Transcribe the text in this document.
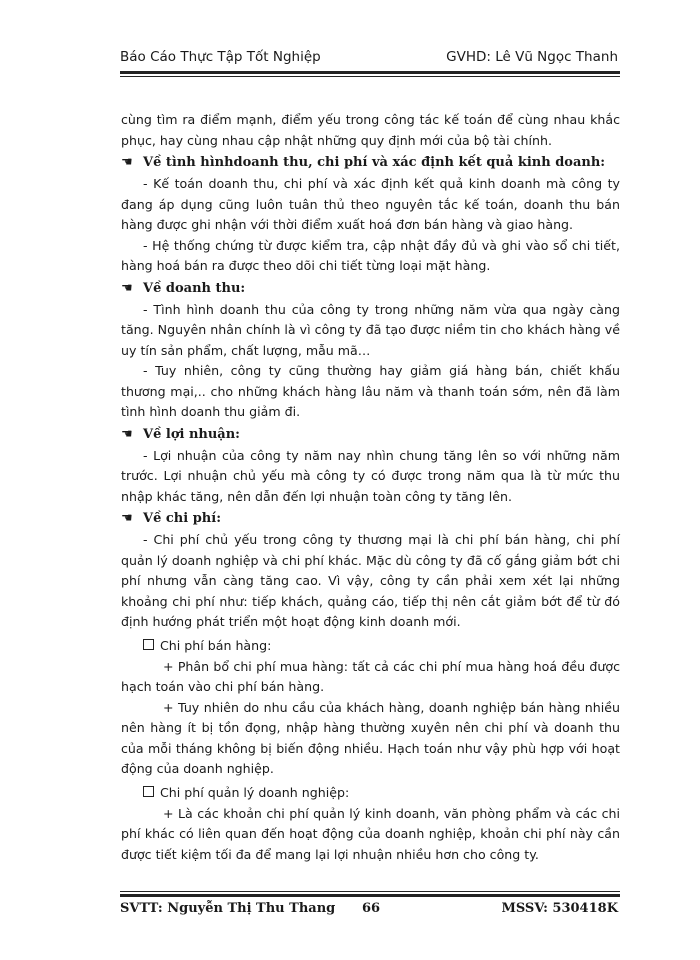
Báo Cáo Thực Tập Tốt Nghiệp	GVHD: Lê Vũ Ngọc Thanh

cùng tìm ra điểm mạnh, điểm yếu trong công tác kế toán để cùng nhau khắc phục, hay cùng nhau cập nhật những quy định mới của bộ tài chính.

☚ Về tình hìnhdoanh thu, chi phí và xác định kết quả kinh doanh:

- Kế toán doanh thu, chi phí và xác định kết quả kinh doanh mà công ty đang áp dụng cũng luôn tuân thủ theo nguyên tắc kế toán, doanh thu bán hàng được ghi nhận với thời điểm xuất hoá đơn bán hàng và giao hàng.

- Hệ thống chứng từ được kiểm tra, cập nhật đầy đủ và ghi vào sổ chi tiết, hàng hoá bán ra được theo dõi chi tiết từng loại mặt hàng.

☚ Về doanh thu:

- Tình hình doanh thu của công ty trong những năm vừa qua ngày càng tăng. Nguyên nhân chính là vì công ty đã tạo được niềm tin cho khách hàng về uy tín sản phẩm, chất lượng, mẫu mã…

- Tuy nhiên, công ty cũng thường hay giảm giá hàng bán, chiết khấu thương mại,.. cho những khách hàng lâu năm và thanh toán sớm, nên đã làm tình hình doanh thu giảm đi.

☚ Về lợi nhuận:

- Lợi nhuận của công ty năm nay nhìn chung tăng lên so với những năm trước. Lợi nhuận chủ yếu mà công ty có được trong năm qua là từ mức thu nhập khác tăng, nên dẫn đến lợi nhuận toàn công ty tăng lên.

☚ Về chi phí:

- Chi phí chủ yếu trong công ty thương mại là chi phí bán hàng, chi phí quản lý doanh nghiệp và chi phí khác. Mặc dù công ty đã cố gắng giảm bớt chi phí nhưng vẫn càng tăng cao. Vì vậy, công ty cần phải xem xét lại những khoảng chi phí như: tiếp khách, quảng cáo, tiếp thị nên cắt giảm bớt để từ đó định hướng phát triển một hoạt động kinh doanh mới.

Chi phí bán hàng:

+ Phân bổ chi phí mua hàng: tất cả các chi phí mua hàng hoá đều được hạch toán vào chi phí bán hàng.

+ Tuy nhiên do nhu cầu của khách hàng, doanh nghiệp bán hàng nhiều nên hàng ít bị tồn đọng, nhập hàng thường xuyên nên chi phí và doanh thu của mỗi tháng không bị biến động nhiều. Hạch toán như vậy phù hợp với hoạt động của doanh nghiệp.

Chi phí quản lý doanh nghiệp:

+ Là các khoản chi phí quản lý kinh doanh, văn phòng phẩm và các chi phí khác có liên quan đến hoạt động của doanh nghiệp, khoản chi phí này cần được tiết kiệm tối đa để mang lại lợi nhuận nhiều hơn cho công ty.

SVTT: Nguyễn Thị Thu Thang 66	MSSV: 530418K
